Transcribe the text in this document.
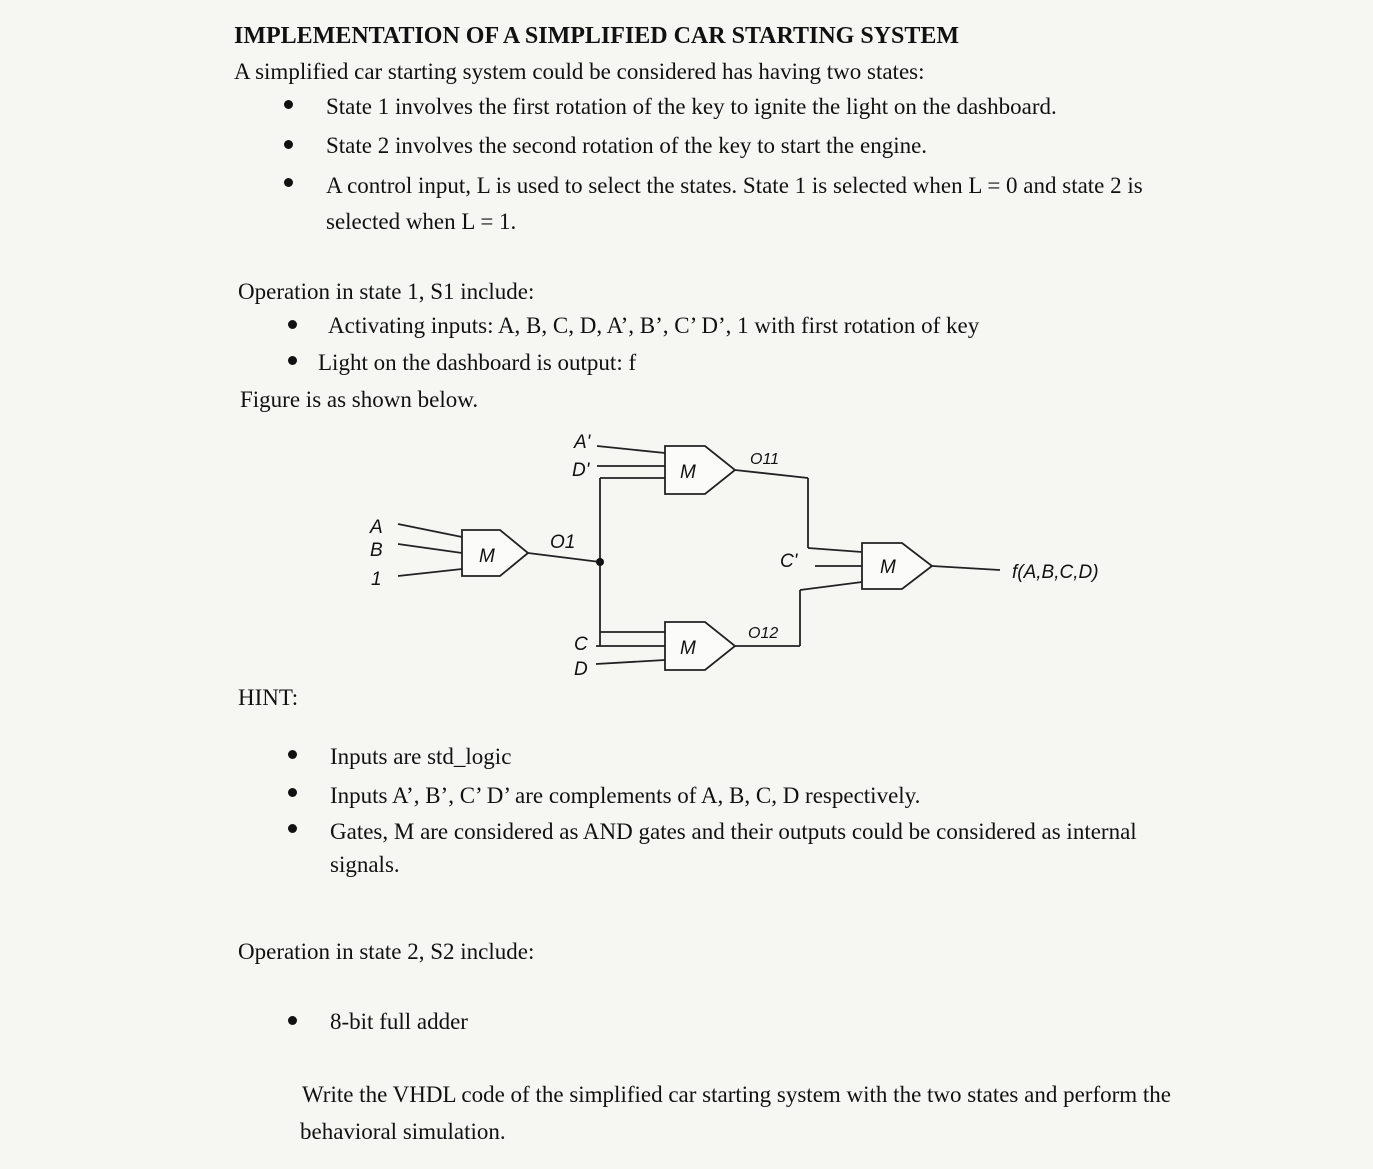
IMPLEMENTATION OF A SIMPLIFIED CAR STARTING SYSTEM
A simplified car starting system could be considered has having two states:
State 1 involves the first rotation of the key to ignite the light on the dashboard.
State 2 involves the second rotation of the key to start the engine.
A control input, L is used to select the states. State 1 is selected when L = 0 and state 2 is
selected when L = 1.
Operation in state 1, S1 include:
Activating inputs: A, B, C, D, A’, B’, C’ D’, 1 with first rotation of key
Light on the dashboard is output: f
Figure is as shown below.
M
M
M
M
A
B
1
A'
D'
C
D
C'
O1
O11
O12
f(A,B,C,D)
HINT:
Inputs are std_logic
Inputs A’, B’, C’ D’ are complements of A, B, C, D respectively.
Gates, M are considered as AND gates and their outputs could be considered as internal
signals.
Operation in state 2, S2 include:
8-bit full adder
Write the VHDL code of the simplified car starting system with the two states and perform the
behavioral simulation.
